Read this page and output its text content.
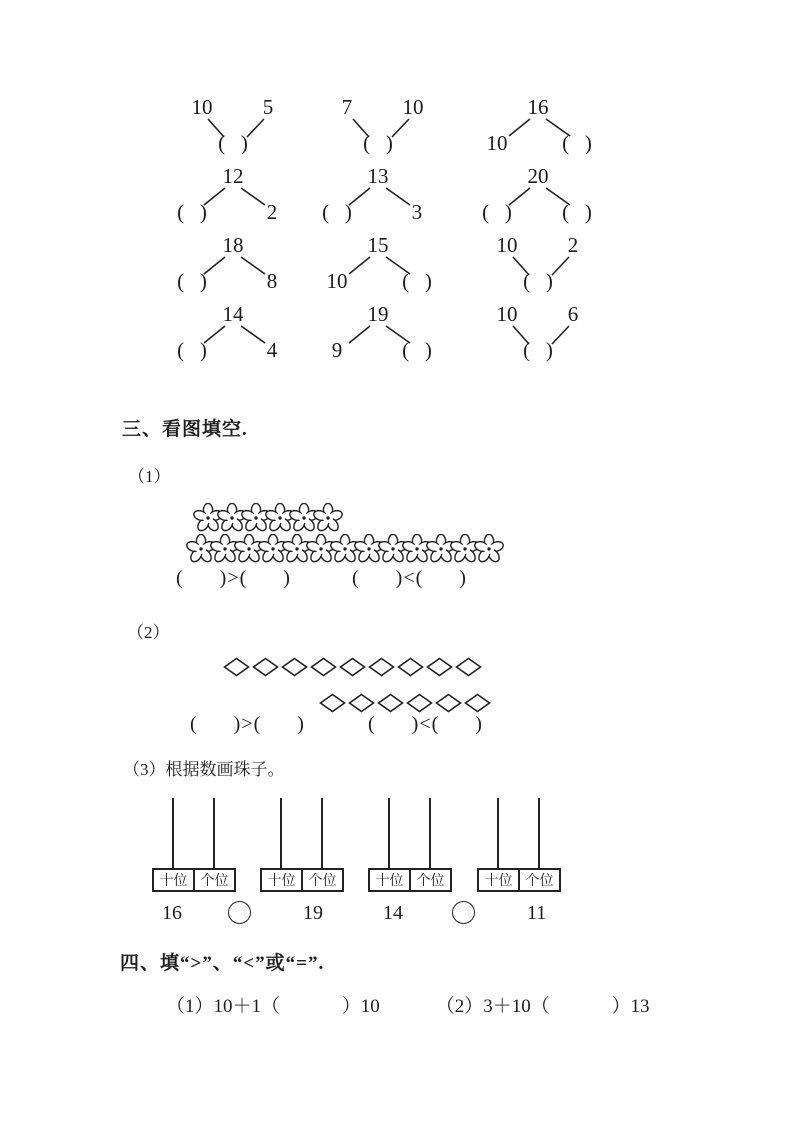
10	5
(   )
7	10
(   )
16
10	(   )
12
(   )	2
13
(   )	3
20
(   )	(   )
18
(   )	8
15
10	(   )
10	2
(   )
14
(   )	4
19
9	(   )
10	6
(   )
三、看图填空.
（1）
(      )>(      )	(      )<(      )
（2）
(      )>(      )	(      )<(      )
（3）根据数画珠子。
16	19	14	11
十位 个位	十位 个位	十位 个位	十位 个位
四、填“>”、“<”或“=”.
（1）10＋1（             ）10	（2）3＋10（             ）13
